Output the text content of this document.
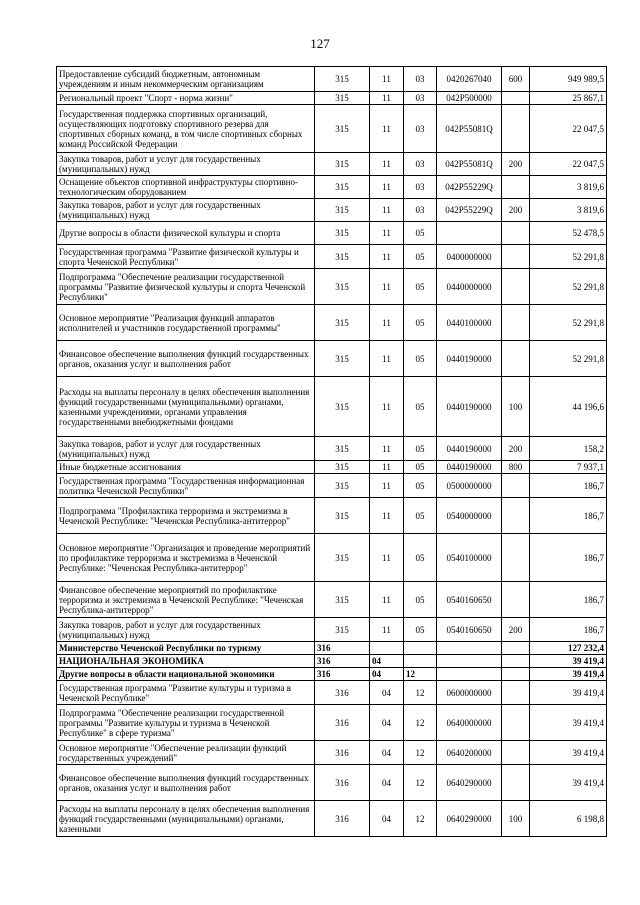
127
Предоставление субсидий бюджетным, автономным учреждениям и иным некоммерческим организациям	315	11	03	0420267040	600	949 989,5
Региональный проект "Спорт - норма жизни"	315	11	03	042P500000		25 867,1
Государственная поддержка спортивных организаций, осуществляющих подготовку спортивного резерва для спортивных сборных команд, в том числе спортивных сборных команд Российской Федерации	315	11	03	042P55081Q		22 047,5
Закупка товаров, работ и услуг для государственных (муниципальных) нужд	315	11	03	042P55081Q	200	22 047,5
Оснащение объектов спортивной инфраструктуры спортивно-технологическим оборудованием	315	11	03	042P55229Q		3 819,6
Закупка товаров, работ и услуг для государственных (муниципальных) нужд	315	11	03	042P55229Q	200	3 819,6
Другие вопросы в области физической культуры и спорта	315	11	05			52 478,5
Государственная программа "Развитие физической культуры и спорта Чеченской Республики"	315	11	05	0400000000		52 291,8
Подпрограмма "Обеспечение реализации государственной программы "Развитие физической культуры и спорта Чеченской Республики"	315	11	05	0440000000		52 291,8
Основное мероприятие "Реализация функций аппаратов исполнителей и участников государственной программы"	315	11	05	0440100000		52 291,8
Финансовое обеспечение выполнения функций государственных органов, оказания услуг и выполнения работ	315	11	05	0440190000		52 291,8
Расходы на выплаты персоналу в целях обеспечения выполнения функций государственными (муниципальными) органами, казенными учреждениями, органами управления государственными внебюджетными фондами	315	11	05	0440190000	100	44 196,6
Закупка товаров, работ и услуг для государственных (муниципальных) нужд	315	11	05	0440190000	200	158,2
Иные бюджетные ассигнования	315	11	05	0440190000	800	7 937,1
Государственная программа "Государственная информационная политика Чеченской Республики"	315	11	05	0500000000		186,7
Подпрограмма "Профилактика терроризма и экстремизма в Чеченской Республике: "Чеченская Республика-антитеррор"	315	11	05	0540000000		186,7
Основное мероприятие "Организация и проведение мероприятий по профилактике терроризма и экстремизма в Чеченской Республике: "Чеченская Республика-антитеррор"	315	11	05	0540100000		186,7
Финансовое обеспечение мероприятий по профилактике терроризма и экстремизма в Чеченской Республике: "Чеченская Республика-антитеррор"	315	11	05	0540160650		186,7
Закупка товаров, работ и услуг для государственных (муниципальных) нужд	315	11	05	0540160650	200	186,7
Министерство Чеченской Республики по туризму	316					127 232,4
НАЦИОНАЛЬНАЯ ЭКОНОМИКА	316	04				39 419,4
Другие вопросы в области национальной экономики	316	04	12			39 419,4
Государственная программа "Развитие культуры и туризма в Чеченской Республике"	316	04	12	0600000000		39 419,4
Подпрограмма "Обеспечение реализации государственной программы "Развитие культуры и туризма в Чеченской Республике" в сфере туризма"	316	04	12	0640000000		39 419,4
Основное мероприятие "Обеспечение реализации функций государственных учреждений"	316	04	12	0640200000		39 419,4
Финансовое обеспечение выполнения функций государственных органов, оказания услуг и выполнения работ	316	04	12	0640290000		39 419,4
Расходы на выплаты персоналу в целях обеспечения выполнения функций государственными (муниципальными) органами, казенными	316	04	12	0640290000	100	6 198,8
